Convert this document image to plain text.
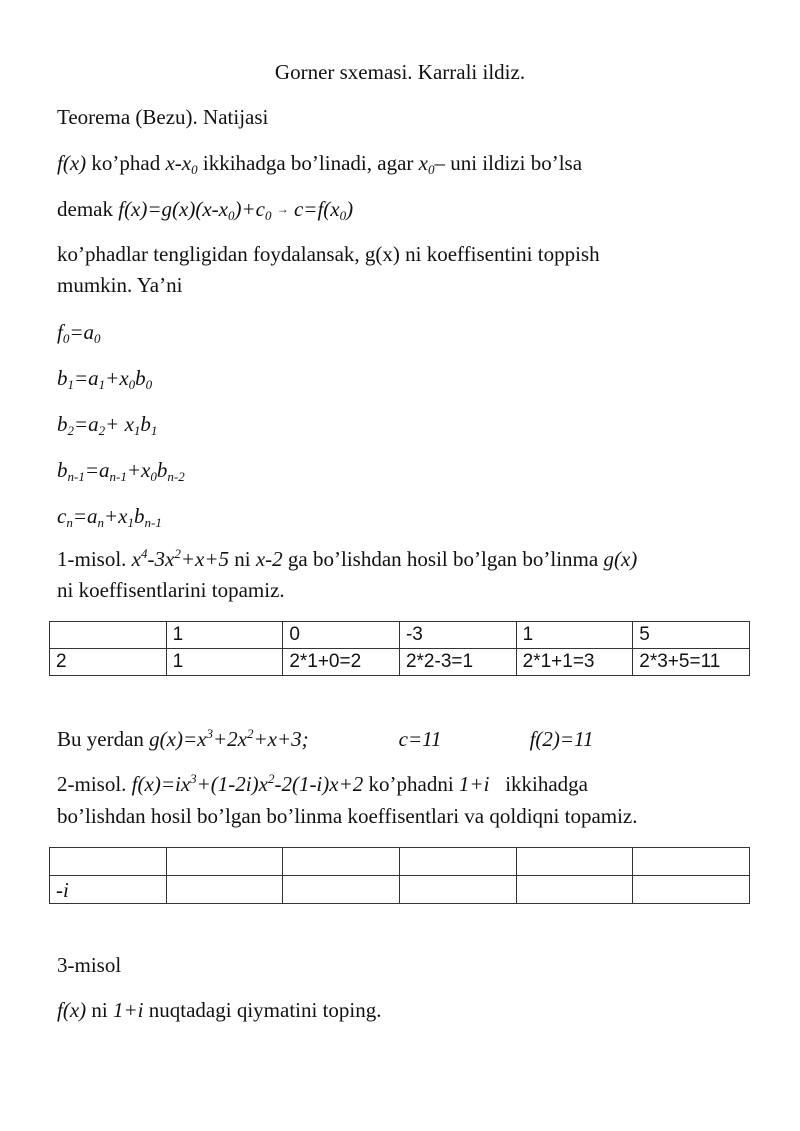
Gorner sxemasi. Karrali ildiz.
Teorema (Bezu). Natijasi
f(x) ko’phad $x-x_0$ ikkihadga bo’linadi, agar $x_0-$ uni ildizi bo’lsa
demak $f(x)=g(x)(x-x_0)+c_0 \to c=f(x_0)$
ko’phadlar tengligidan foydalansak, g(x) ni koeffisentini toppish
mumkin. Ya’ni
$f_0=a_0$
$b_1=a_1+x_0b_0$
$b_2=a_2+ x_1b_1$
$b_{n-1}=a_{n-1}+x_0b_{n-2}$
$c_n=a_n+x_1b_{n-1}$
1-misol. $x^4-3x^2+x+5$ ni x-2 ga bo’lishdan hosil bo’lgan bo’linma g(x)
ni koeffisentlarini topamiz.
	1	0	-3	1	5
2	1	2*1+0=2	2*2-3=1	2*1+1=3	2*3+5=11
Bu yerdan $g(x)=x^3+2x^2+x+3$;	c=11	f(2)=11
2-misol. $f(x)=ix^3+(1-2i)x^2-2(1-i)x+2$ ko’phadni 1+i   ikkihadga
bo’lishdan hosil bo’lgan bo’linma koeffisentlari va qoldiqni topamiz.

-i					
3-misol
f(x) ni 1+i nuqtadagi qiymatini toping.
